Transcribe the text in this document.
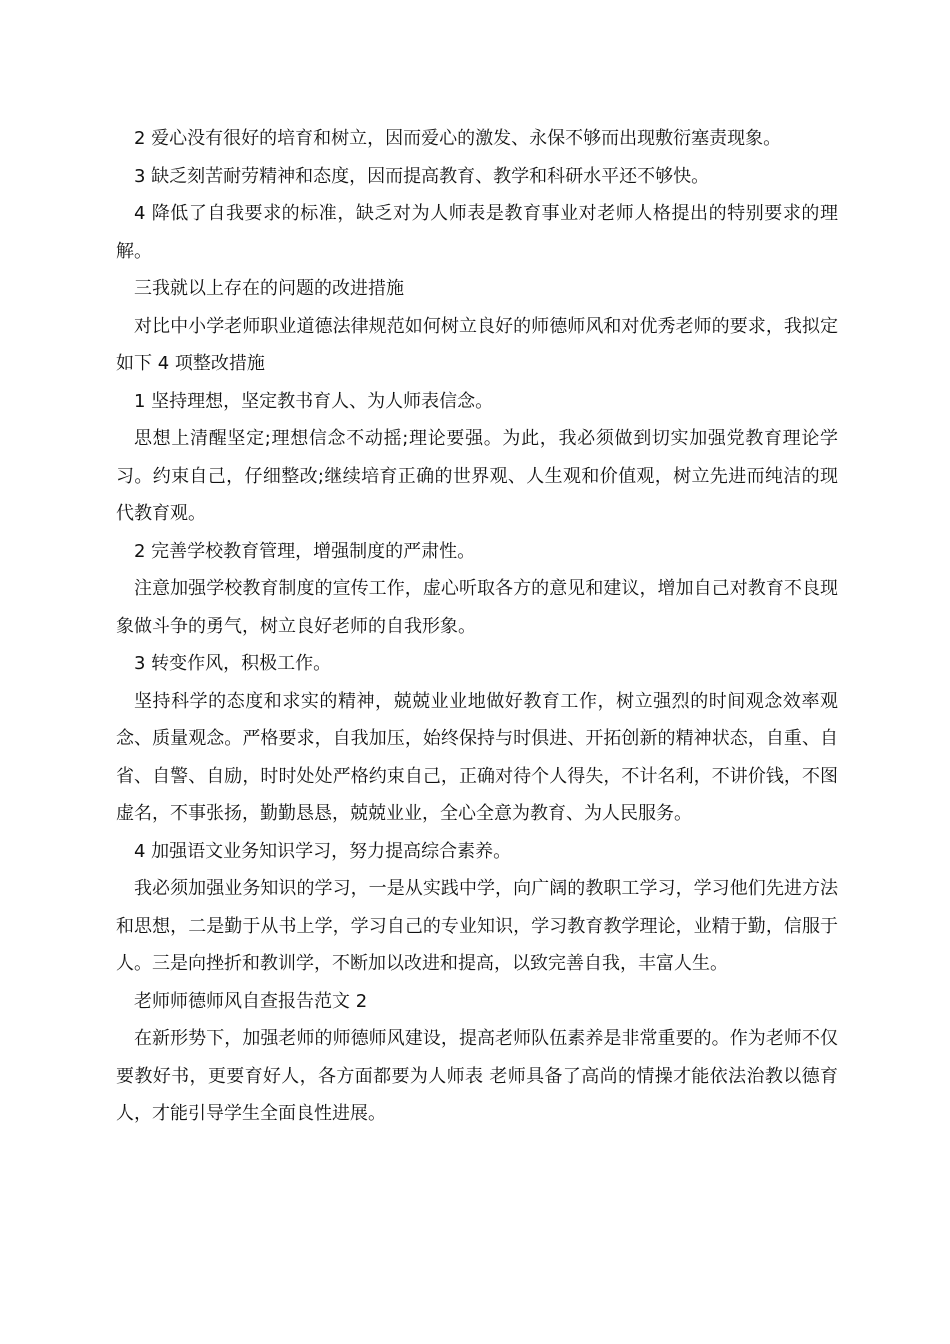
2 爱心没有很好的培育和树立，因而爱心的激发、永保不够而出现敷衍塞责现象。

3 缺乏刻苦耐劳精神和态度，因而提高教育、教学和科研水平还不够快。

4 降低了自我要求的标准，缺乏对为人师表是教育事业对老师人格提出的特别要求的理解。

三我就以上存在的问题的改进措施

对比中小学老师职业道德法律规范如何树立良好的师德师风和对优秀老师的要求，我拟定如下 4 项整改措施

1 坚持理想，坚定教书育人、为人师表信念。

思想上清醒坚定;理想信念不动摇;理论要强。为此，我必须做到切实加强党教育理论学习。约束自己，仔细整改;继续培育正确的世界观、人生观和价值观，树立先进而纯洁的现代教育观。

2 完善学校教育管理，增强制度的严肃性。

注意加强学校教育制度的宣传工作，虚心听取各方的意见和建议，增加自己对教育不良现象做斗争的勇气，树立良好老师的自我形象。

3 转变作风，积极工作。

坚持科学的态度和求实的精神，兢兢业业地做好教育工作，树立强烈的时间观念效率观念、质量观念。严格要求，自我加压，始终保持与时俱进、开拓创新的精神状态，自重、自省、自警、自励，时时处处严格约束自己，正确对待个人得失，不计名利，不讲价钱，不图虚名，不事张扬，勤勤恳恳，兢兢业业，全心全意为教育、为人民服务。

4 加强语文业务知识学习，努力提高综合素养。

我必须加强业务知识的学习，一是从实践中学，向广阔的教职工学习，学习他们先进方法和思想，二是勤于从书上学，学习自己的专业知识，学习教育教学理论，业精于勤，信服于人。三是向挫折和教训学，不断加以改进和提高，以致完善自我，丰富人生。

老师师德师风自查报告范文 2

在新形势下，加强老师的师德师风建设，提高老师队伍素养是非常重要的。作为老师不仅要教好书，更要育好人，各方面都要为人师表 老师具备了高尚的情操才能依法治教以德育人，才能引导学生全面良性进展。
